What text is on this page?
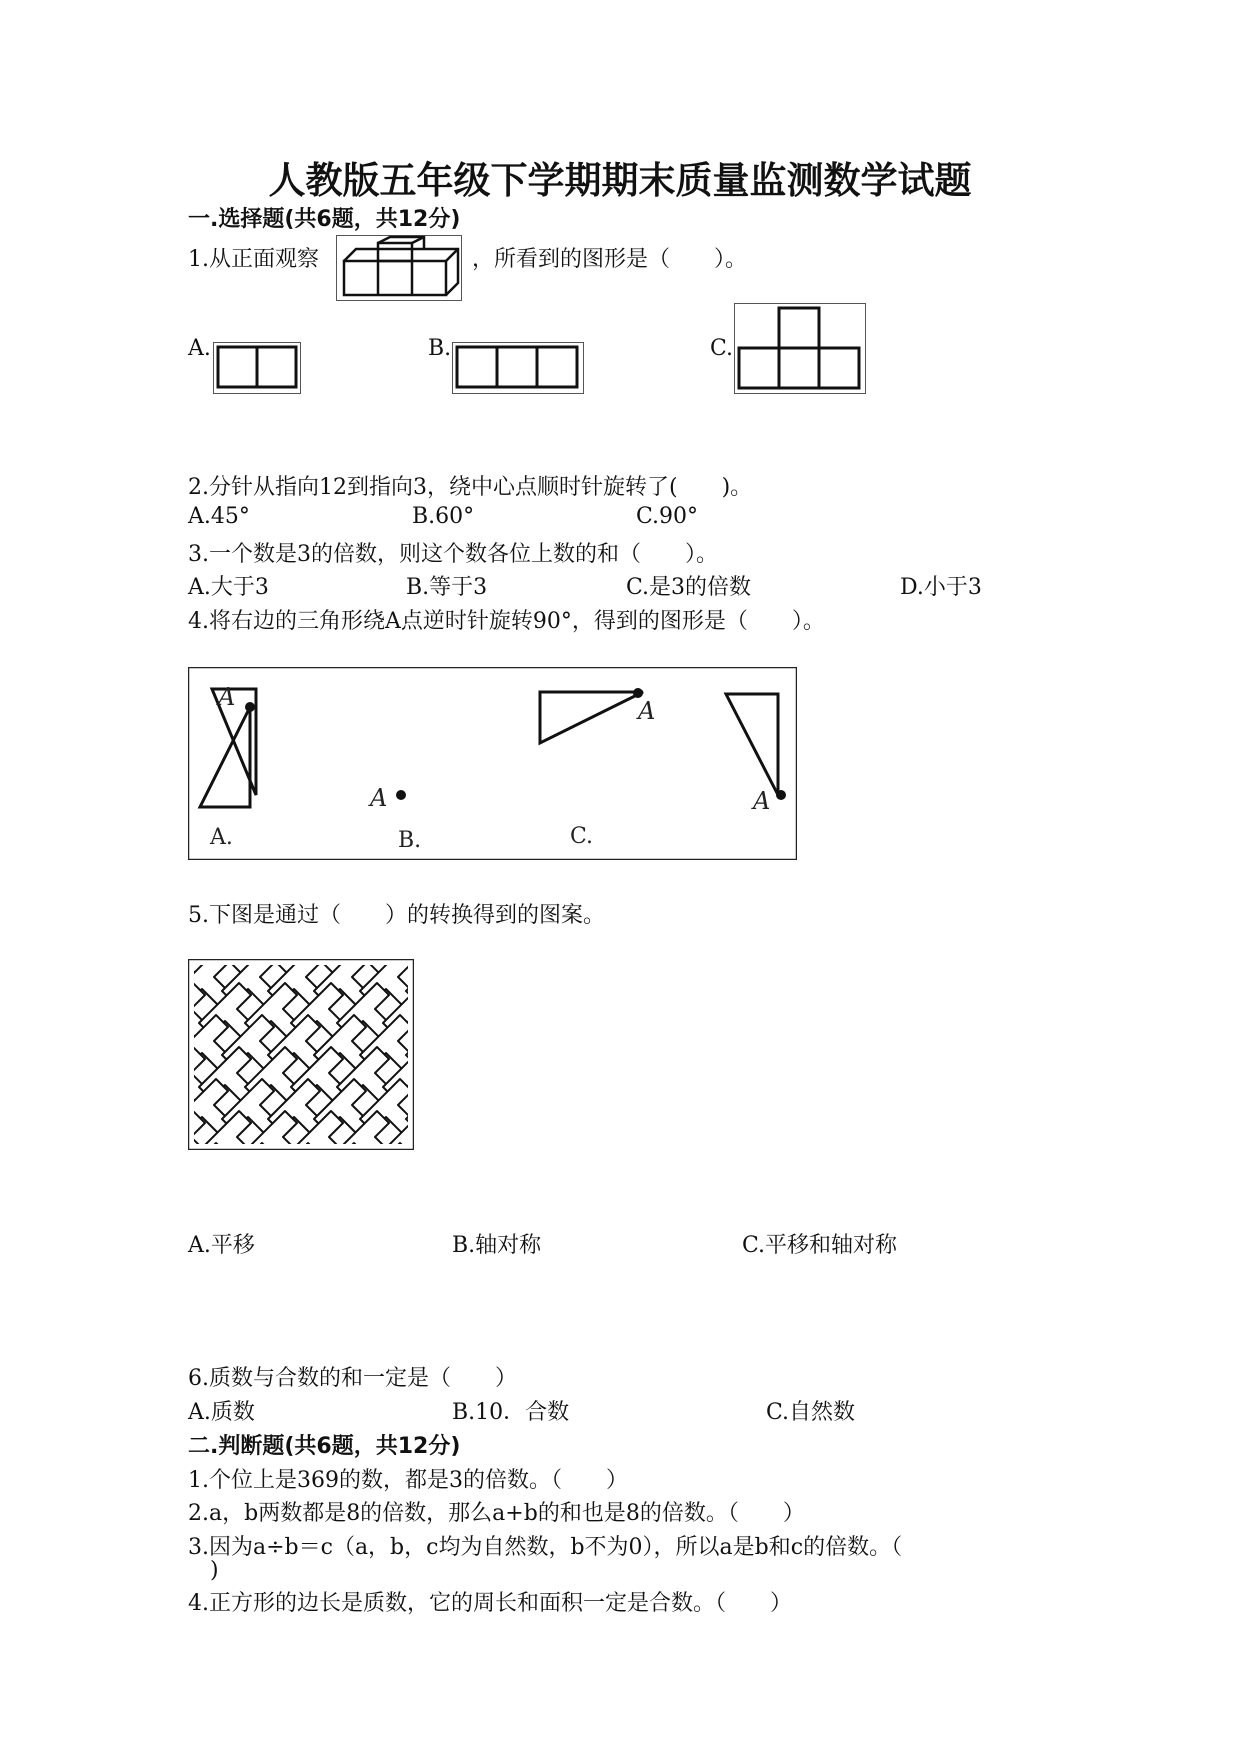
人教版五年级下学期期末质量监测数学试题
一.选择题(共6题，共12分)
1.从正面观察	，所看到的图形是（　　）。
A.	B.	C.
2.分针从指向12到指向3，绕中心点顺时针旋转了(　　)。
A.45°	B.60°	C.90°
3.一个数是3的倍数，则这个数各位上数的和（　　）。
A.大于3	B.等于3	C.是3的倍数	D.小于3
4.将右边的三角形绕A点逆时针旋转90°，得到的图形是（　　）。
A
A
A
A
A.	B.	C.
5.下图是通过（　　）的转换得到的图案。
A.平移	B.轴对称	C.平移和轴对称
6.质数与合数的和一定是（　　）
A.质数	B.10．合数	C.自然数
二.判断题(共6题，共12分)
1.个位上是369的数，都是3的倍数。（　　）
2.a，b两数都是8的倍数，那么a+b的和也是8的倍数。（　　）
3.因为a÷b＝c（a，b，c均为自然数，b不为0），所以a是b和c的倍数。（
　)
4.正方形的边长是质数，它的周长和面积一定是合数。（　　）
